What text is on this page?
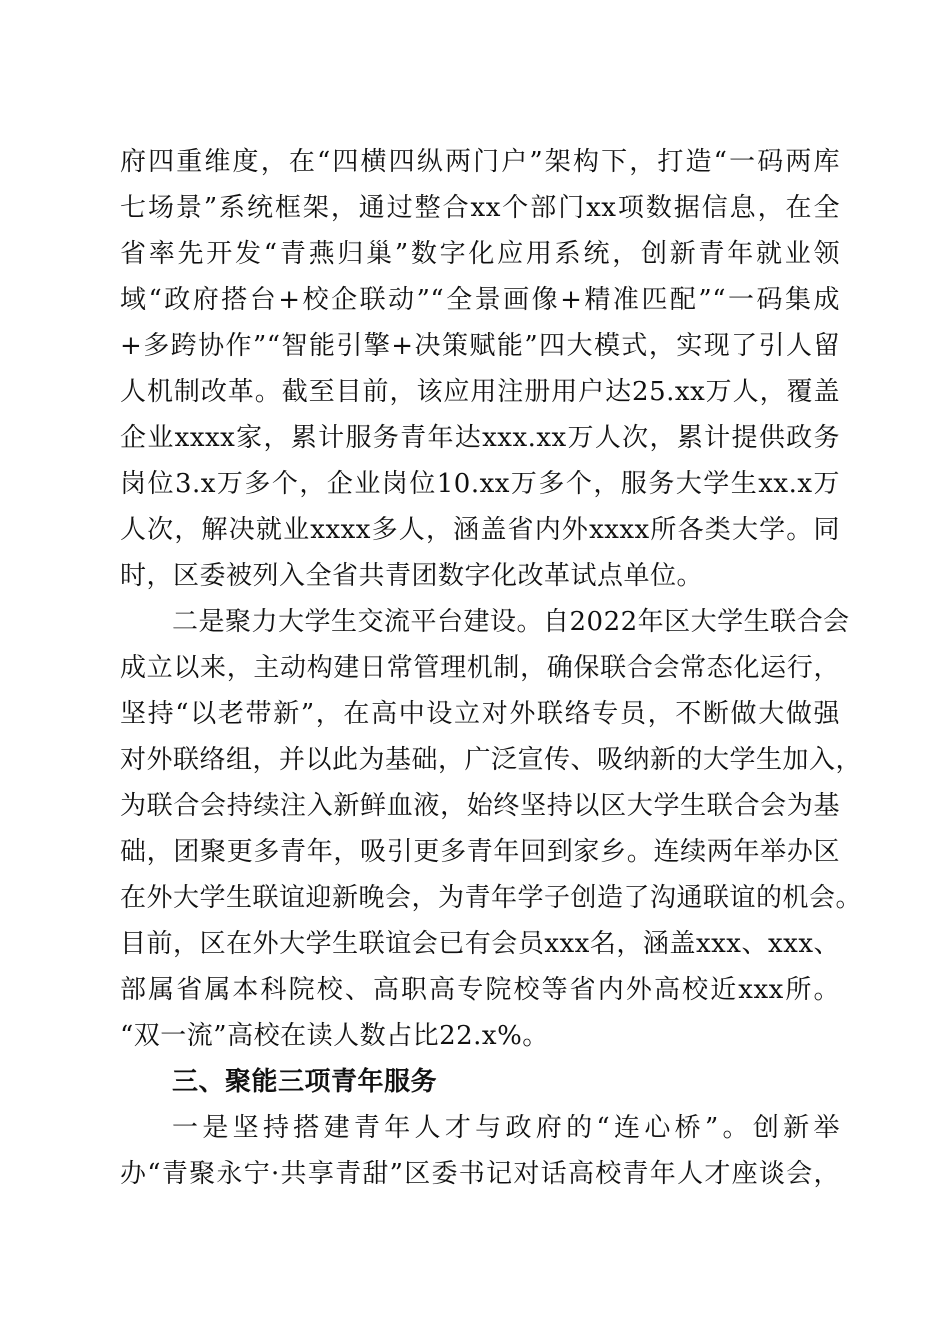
府四重维度，在“四横四纵两门户”架构下，打造“一码两库
七场景”系统框架，通过整合xx个部门xx项数据信息，在全
省率先开发“青燕归巢”数字化应用系统，创新青年就业领
域“政府搭台+校企联动”“全景画像+精准匹配”“一码集成
+多跨协作”“智能引擎+决策赋能”四大模式，实现了引人留
人机制改革。截至目前，该应用注册用户达25.xx万人，覆盖
企业xxxx家，累计服务青年达xxx.xx万人次，累计提供政务
岗位3.x万多个，企业岗位10.xx万多个，服务大学生xx.x万
人次，解决就业xxxx多人，涵盖省内外xxxx所各类大学。同
时，区委被列入全省共青团数字化改革试点单位。
二是聚力大学生交流平台建设。自2022年区大学生联合会
成立以来，主动构建日常管理机制，确保联合会常态化运行，
坚持“以老带新”，在高中设立对外联络专员，不断做大做强
对外联络组，并以此为基础，广泛宣传、吸纳新的大学生加入，
为联合会持续注入新鲜血液，始终坚持以区大学生联合会为基
础，团聚更多青年，吸引更多青年回到家乡。连续两年举办区
在外大学生联谊迎新晚会，为青年学子创造了沟通联谊的机会。
目前，区在外大学生联谊会已有会员xxx名，涵盖xxx、xxx、
部属省属本科院校、高职高专院校等省内外高校近xxx所。
“双一流”高校在读人数占比22.x%。
三、聚能三项青年服务
一是坚持搭建青年人才与政府的“连心桥”。创新举
办“青聚永宁·共享青甜”区委书记对话高校青年人才座谈会，
